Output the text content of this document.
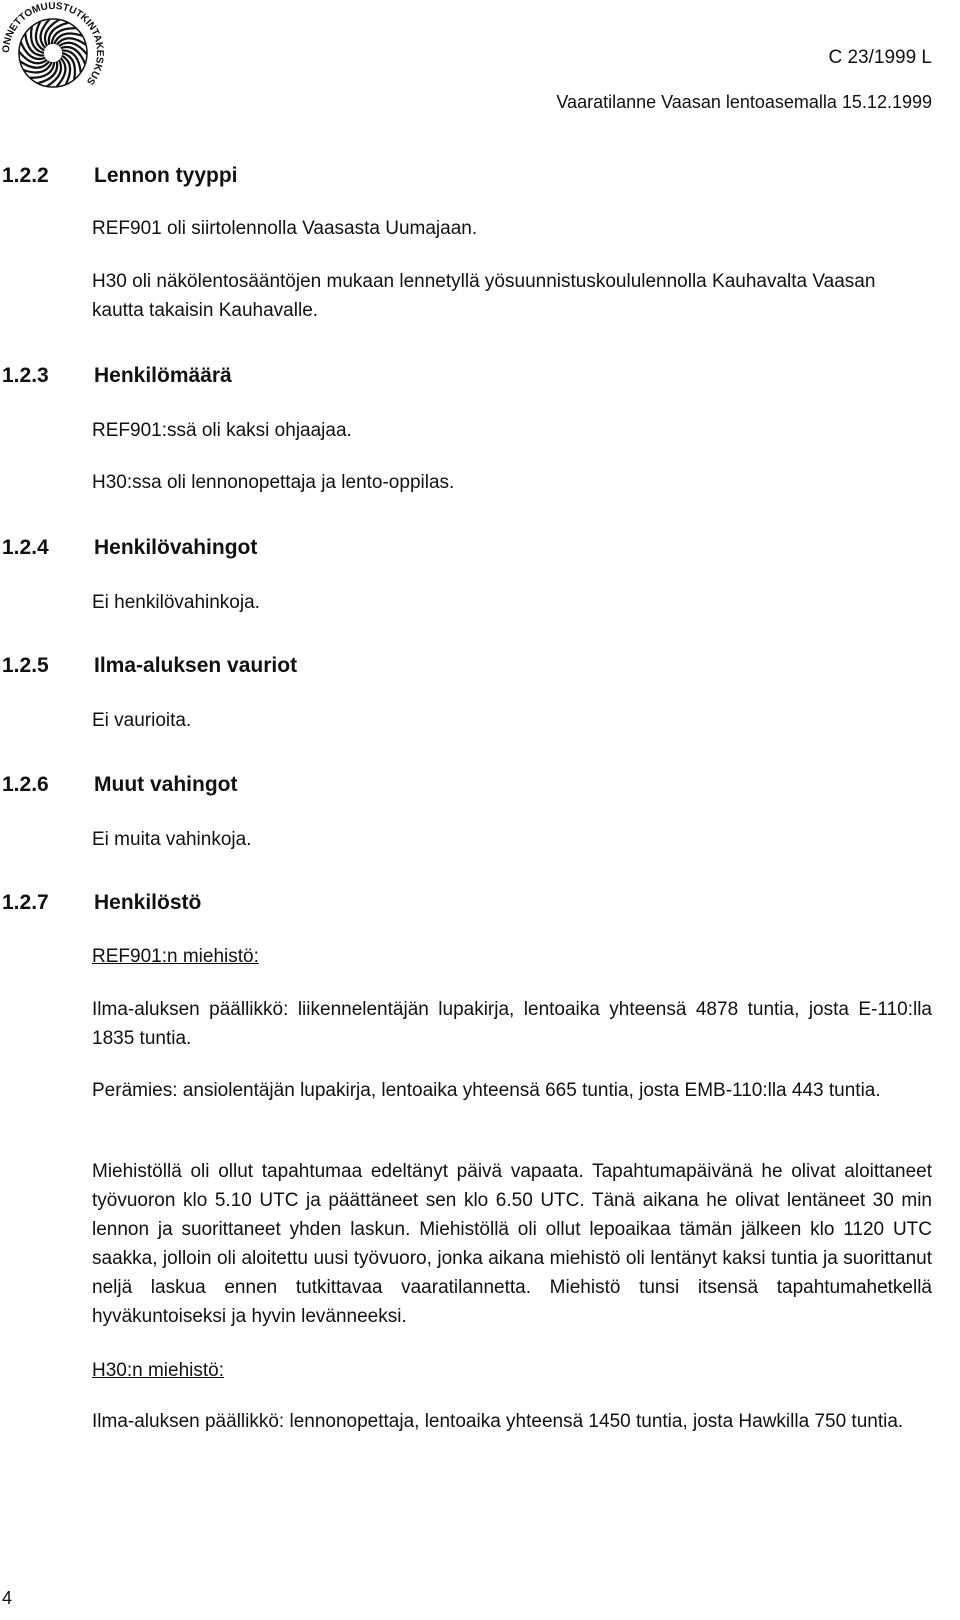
ONNETTOMUUSTUTKINTAKESKUS
C 23/1999 L
Vaaratilanne Vaasan lentoasemalla 15.12.1999
1.2.2 Lennon tyyppi

REF901 oli siirtolennolla Vaasasta Uumajaan.

H30 oli näkölentosääntöjen mukaan lennetyllä yösuunnistuskoululennolla Kauhavalta Vaasan kautta takaisin Kauhavalle.

1.2.3 Henkilömäärä

REF901:ssä oli kaksi ohjaajaa.

H30:ssa oli lennonopettaja ja lento-oppilas.

1.2.4 Henkilövahingot

Ei henkilövahinkoja.

1.2.5 Ilma-aluksen vauriot

Ei vaurioita.

1.2.6 Muut vahingot

Ei muita vahinkoja.

1.2.7 Henkilöstö

REF901:n miehistö:

Ilma-aluksen päällikkö: liikennelentäjän lupakirja, lentoaika yhteensä 4878 tuntia, josta E-110:lla 1835 tuntia.

Perämies: ansiolentäjän lupakirja, lentoaika yhteensä 665 tuntia, josta EMB-110:lla 443 tuntia.

Miehistöllä oli ollut tapahtumaa edeltänyt päivä vapaata. Tapahtumapäivänä he olivat aloittaneet työvuoron klo 5.10 UTC ja päättäneet sen klo 6.50 UTC. Tänä aikana he olivat lentäneet 30 min lennon ja suorittaneet yhden laskun. Miehistöllä oli ollut lepoaikaa tämän jälkeen klo 1120 UTC saakka, jolloin oli aloitettu uusi työvuoro, jonka aikana miehistö oli lentänyt kaksi tuntia ja suorittanut neljä laskua ennen tutkittavaa vaaratilannetta. Miehistö tunsi itsensä tapahtumahetkellä hyväkuntoiseksi ja hyvin levänneeksi.

H30:n miehistö:

Ilma-aluksen päällikkö: lennonopettaja, lentoaika yhteensä 1450 tuntia, josta Hawkilla 750 tuntia.

4
